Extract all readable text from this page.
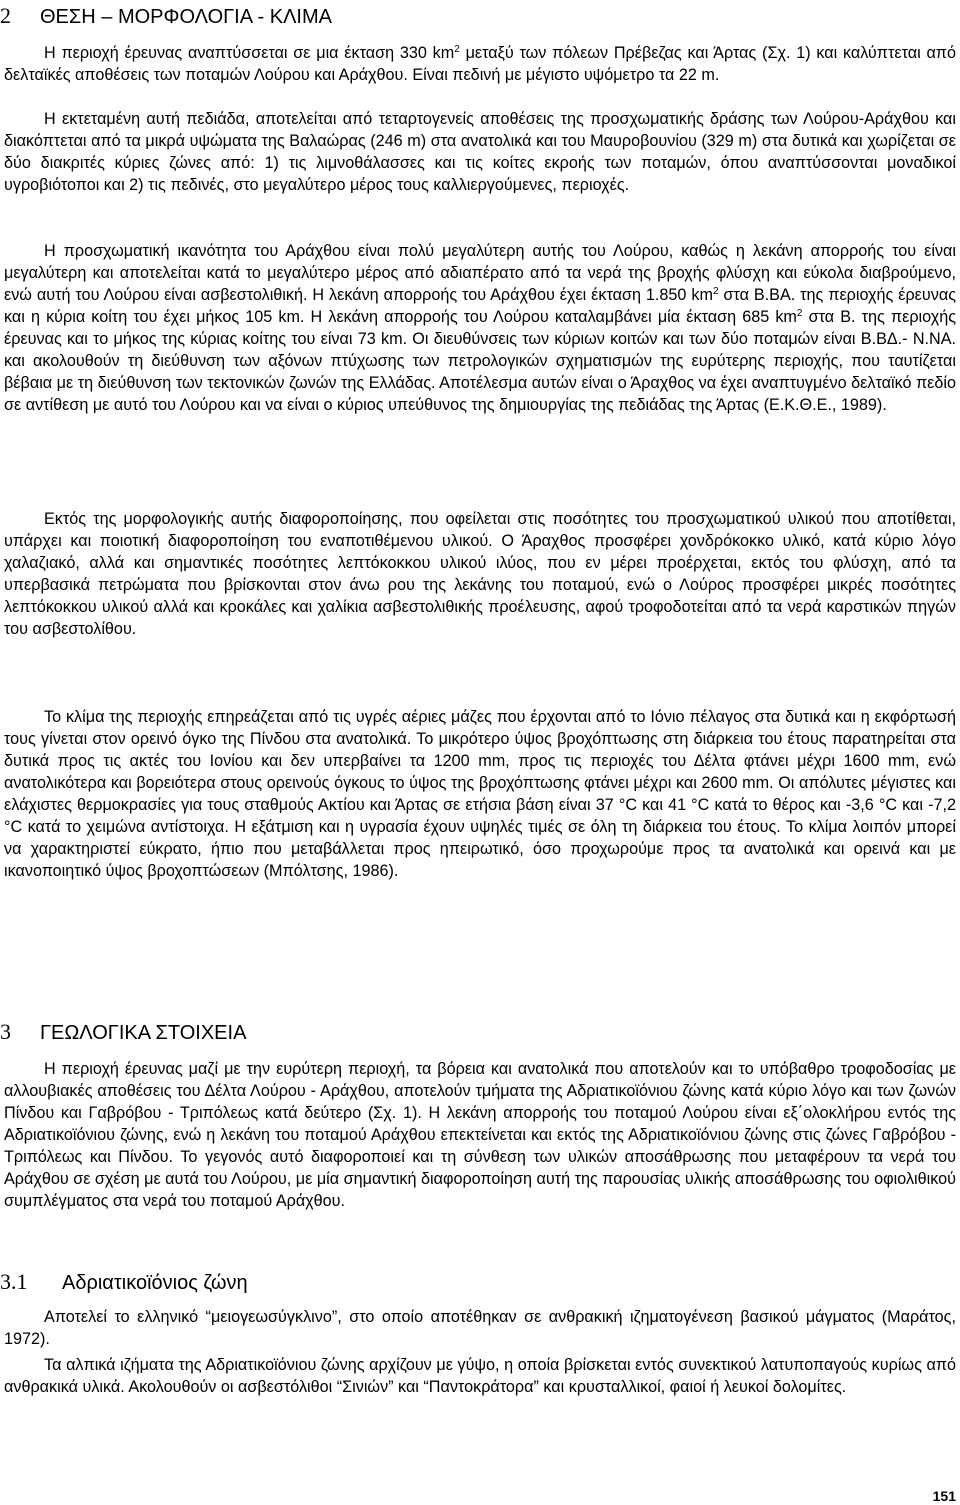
2 ΘΕΣΗ – ΜΟΡΦΟΛΟΓΙΑ - ΚΛΙΜΑ

Η περιοχή έρευνας αναπτύσσεται σε μια έκταση 330 $km^2$ μεταξύ των πόλεων Πρέβεζας και Άρτας (Σχ. 1) και καλύπτεται από δελταϊκές αποθέσεις των ποταμών Λούρου και Αράχθου. Είναι πεδινή με μέγιστο υψόμετρο τα 22 m.

Η εκτεταμένη αυτή πεδιάδα, αποτελείται από τεταρτογενείς αποθέσεις της προσχωματικής δράσης των Λούρου-Αράχθου και διακόπτεται από τα μικρά υψώματα της Βαλαώρας (246 m) στα ανατολικά και του Μαυροβουνίου (329 m) στα δυτικά και χωρίζεται σε δύο διακριτές κύριες ζώνες από: 1) τις λιμνοθάλασσες και τις κοίτες εκροής των ποταμών, όπου αναπτύσσονται μοναδικοί υγροβιότοποι και 2) τις πεδινές, στο μεγαλύτερο μέρος τους καλλιεργούμενες, περιοχές.

Η προσχωματική ικανότητα του Αράχθου είναι πολύ μεγαλύτερη αυτής του Λούρου, καθώς η λεκάνη απορροής του είναι μεγαλύτερη και αποτελείται κατά το μεγαλύτερο μέρος από αδιαπέρατο από τα νερά της βροχής φλύσχη και εύκολα διαβρούμενο, ενώ αυτή του Λούρου είναι ασβεστολιθική. Η λεκάνη απορροής του Αράχθου έχει έκταση 1.850 $km^2$ στα Β.ΒΑ. της περιοχής έρευνας και η κύρια κοίτη του έχει μήκος 105 km. Η λεκάνη απορροής του Λούρου καταλαμβάνει μία έκταση 685 $km^2$ στα Β. της περιοχής έρευνας και το μήκος της κύριας κοίτης του είναι 73 km. Οι διευθύνσεις των κύριων κοιτών και των δύο ποταμών είναι Β.ΒΔ.- Ν.ΝΑ. και ακολουθούν τη διεύθυνση των αξόνων πτύχωσης των πετρολογικών σχηματισμών της ευρύτερης περιοχής, που ταυτίζεται βέβαια με τη διεύθυνση των τεκτονικών ζωνών της Ελλάδας. Αποτέλεσμα αυτών είναι ο Άραχθος να έχει αναπτυγμένο δελταϊκό πεδίο σε αντίθεση με αυτό του Λούρου και να είναι ο κύριος υπεύθυνος της δημιουργίας της πεδιάδας της Άρτας (Ε.Κ.Θ.Ε., 1989).

Εκτός της μορφολογικής αυτής διαφοροποίησης, που οφείλεται στις ποσότητες του προσχωματικού υλικού που αποτίθεται, υπάρχει και ποιοτική διαφοροποίηση του εναποτιθέμενου υλικού. Ο Άραχθος προσφέρει χονδρόκοκκο υλικό, κατά κύριο λόγο χαλαζιακό, αλλά και σημαντικές ποσότητες λεπτόκοκκου υλικού ιλύος, που εν μέρει προέρχεται, εκτός του φλύσχη, από τα υπερβασικά πετρώματα που βρίσκονται στον άνω ρου της λεκάνης του ποταμού, ενώ ο Λούρος προσφέρει μικρές ποσότητες λεπτόκοκκου υλικού αλλά και κροκάλες και χαλίκια ασβεστολιθικής προέλευσης, αφού τροφοδοτείται από τα νερά καρστικών πηγών του ασβεστολίθου.

Το κλίμα της περιοχής επηρεάζεται από τις υγρές αέριες μάζες που έρχονται από το Ιόνιο πέλαγος στα δυτικά και η εκφόρτωσή τους γίνεται στον ορεινό όγκο της Πίνδου στα ανατολικά. Το μικρότερο ύψος βροχόπτωσης στη διάρκεια του έτους παρατηρείται στα δυτικά προς τις ακτές του Ιονίου και δεν υπερβαίνει τα 1200 mm, προς τις περιοχές του Δέλτα φτάνει μέχρι 1600 mm, ενώ ανατολικότερα και βορειότερα στους ορεινούς όγκους το ύψος της βροχόπτωσης φτάνει μέχρι και 2600 mm. Οι απόλυτες μέγιστες και ελάχιστες θερμοκρασίες για τους σταθμούς Ακτίου και Άρτας σε ετήσια βάση είναι 37 °C και 41 °C κατά το θέρος και -3,6 °C και -7,2 °C κατά το χειμώνα αντίστοιχα. Η εξάτμιση και η υγρασία έχουν υψηλές τιμές σε όλη τη διάρκεια του έτους. Το κλίμα λοιπόν μπορεί να χαρακτηριστεί εύκρατο, ήπιο που μεταβάλλεται προς ηπειρωτικό, όσο προχωρούμε προς τα ανατολικά και ορεινά και με ικανοποιητικό ύψος βροχοπτώσεων (Μπόλτσης, 1986).

3 ΓΕΩΛΟΓΙΚΑ ΣΤΟΙΧΕΙΑ

Η περιοχή έρευνας μαζί με την ευρύτερη περιοχή, τα βόρεια και ανατολικά που αποτελούν και το υπόβαθρο τροφοδοσίας με αλλουβιακές αποθέσεις του Δέλτα Λούρου - Αράχθου, αποτελούν τμήματα της Αδριατικοϊόνιου ζώνης κατά κύριο λόγο και των ζωνών Πίνδου και Γαβρόβου - Τριπόλεως κατά δεύτερο (Σχ. 1). Η λεκάνη απορροής του ποταμού Λούρου είναι εξ΄ολοκλήρου εντός της Αδριατικοϊόνιου ζώνης, ενώ η λεκάνη του ποταμού Αράχθου επεκτείνεται και εκτός της Αδριατικοϊόνιου ζώνης στις ζώνες Γαβρόβου - Τριπόλεως και Πίνδου. Το γεγονός αυτό διαφοροποιεί και τη σύνθεση των υλικών αποσάθρωσης που μεταφέρουν τα νερά του Αράχθου σε σχέση με αυτά του Λούρου, με μία σημαντική διαφοροποίηση αυτή της παρουσίας υλικής αποσάθρωσης του οφιολιθικού συμπλέγματος στα νερά του ποταμού Αράχθου.

3.1 Αδριατικοϊόνιος ζώνη

Αποτελεί το ελληνικό “μειογεωσύγκλινο”, στο οποίο αποτέθηκαν σε ανθρακική ιζηματογένεση βασικού μάγματος (Μαράτος, 1972).

Τα αλπικά ιζήματα της Αδριατικοϊόνιου ζώνης αρχίζουν με γύψο, η οποία βρίσκεται εντός συνεκτικού λατυποπαγούς κυρίως από ανθρακικά υλικά. Ακολουθούν οι ασβεστόλιθοι “Σινιών” και “Παντοκράτορα” και κρυσταλλικοί, φαιοί ή λευκοί δολομίτες.

151
